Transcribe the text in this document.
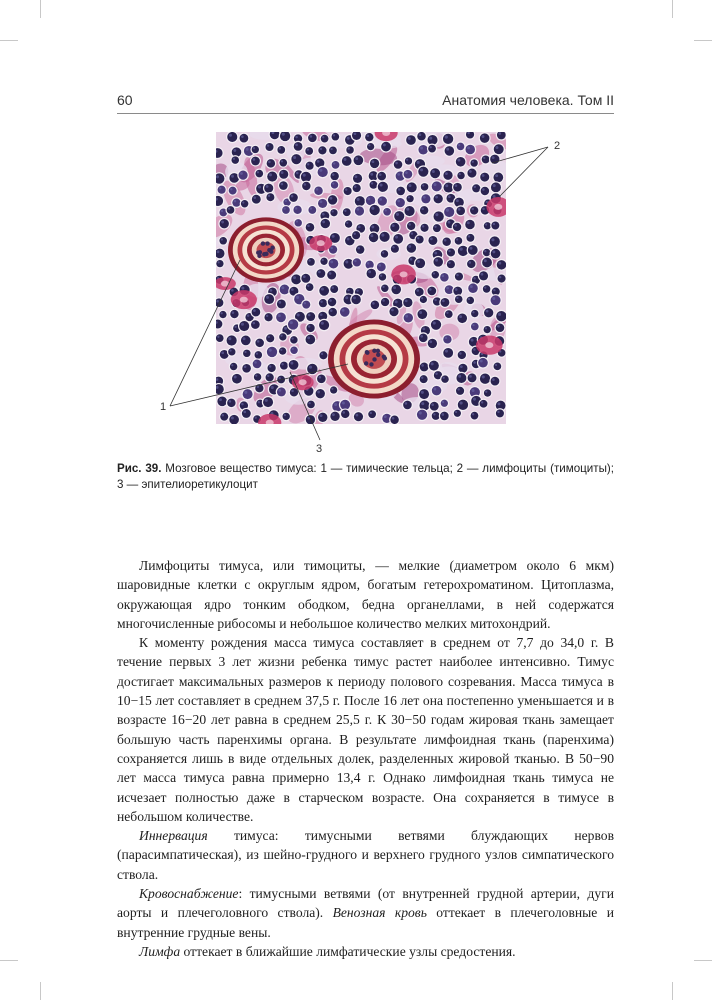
60	Анатомия человека. Том II
1
2
3
Рис. 39. Мозговое вещество тимуса: 1 — тимические тельца; 2 — лимфоциты (тимоциты); 3 — эпителиоретикулоцит

Лимфоциты тимуса, или тимоциты, — мелкие (диаметром около 6 мкм) шаровидные клетки с округлым ядром, богатым гетерохроматином. Цитоплазма, окружающая ядро тонким ободком, бедна органеллами, в ней содержатся многочисленные рибосомы и небольшое количество мелких митохондрий.

К моменту рождения масса тимуса составляет в среднем от 7,7 до 34,0 г. В течение первых 3 лет жизни ребенка тимус растет наиболее интенсивно. Тимус достигает максимальных размеров к периоду полового созревания. Масса тимуса в 10−15 лет составляет в среднем 37,5 г. После 16 лет она постепенно уменьшается и в возрасте 16−20 лет равна в среднем 25,5 г. К 30−50 годам жировая ткань замещает большую часть паренхимы органа. В результате лимфоидная ткань (паренхима) сохраняется лишь в виде отдельных долек, разделенных жировой тканью. В 50−90 лет масса тимуса равна примерно 13,4 г. Однако лимфоидная ткань тимуса не исчезает полностью даже в старческом возрасте. Она сохраняется в тимусе в небольшом количестве.

Иннервация тимуса: тимусными ветвями блуждающих нервов (парасимпатическая), из шейно-грудного и верхнего грудного узлов симпатического ствола.

Кровоснабжение: тимусными ветвями (от внутренней грудной артерии, дуги аорты и плечеголовного ствола). Венозная кровь оттекает в плечеголовные и внутренние грудные вены.

Лимфа оттекает в ближайшие лимфатические узлы средостения.
